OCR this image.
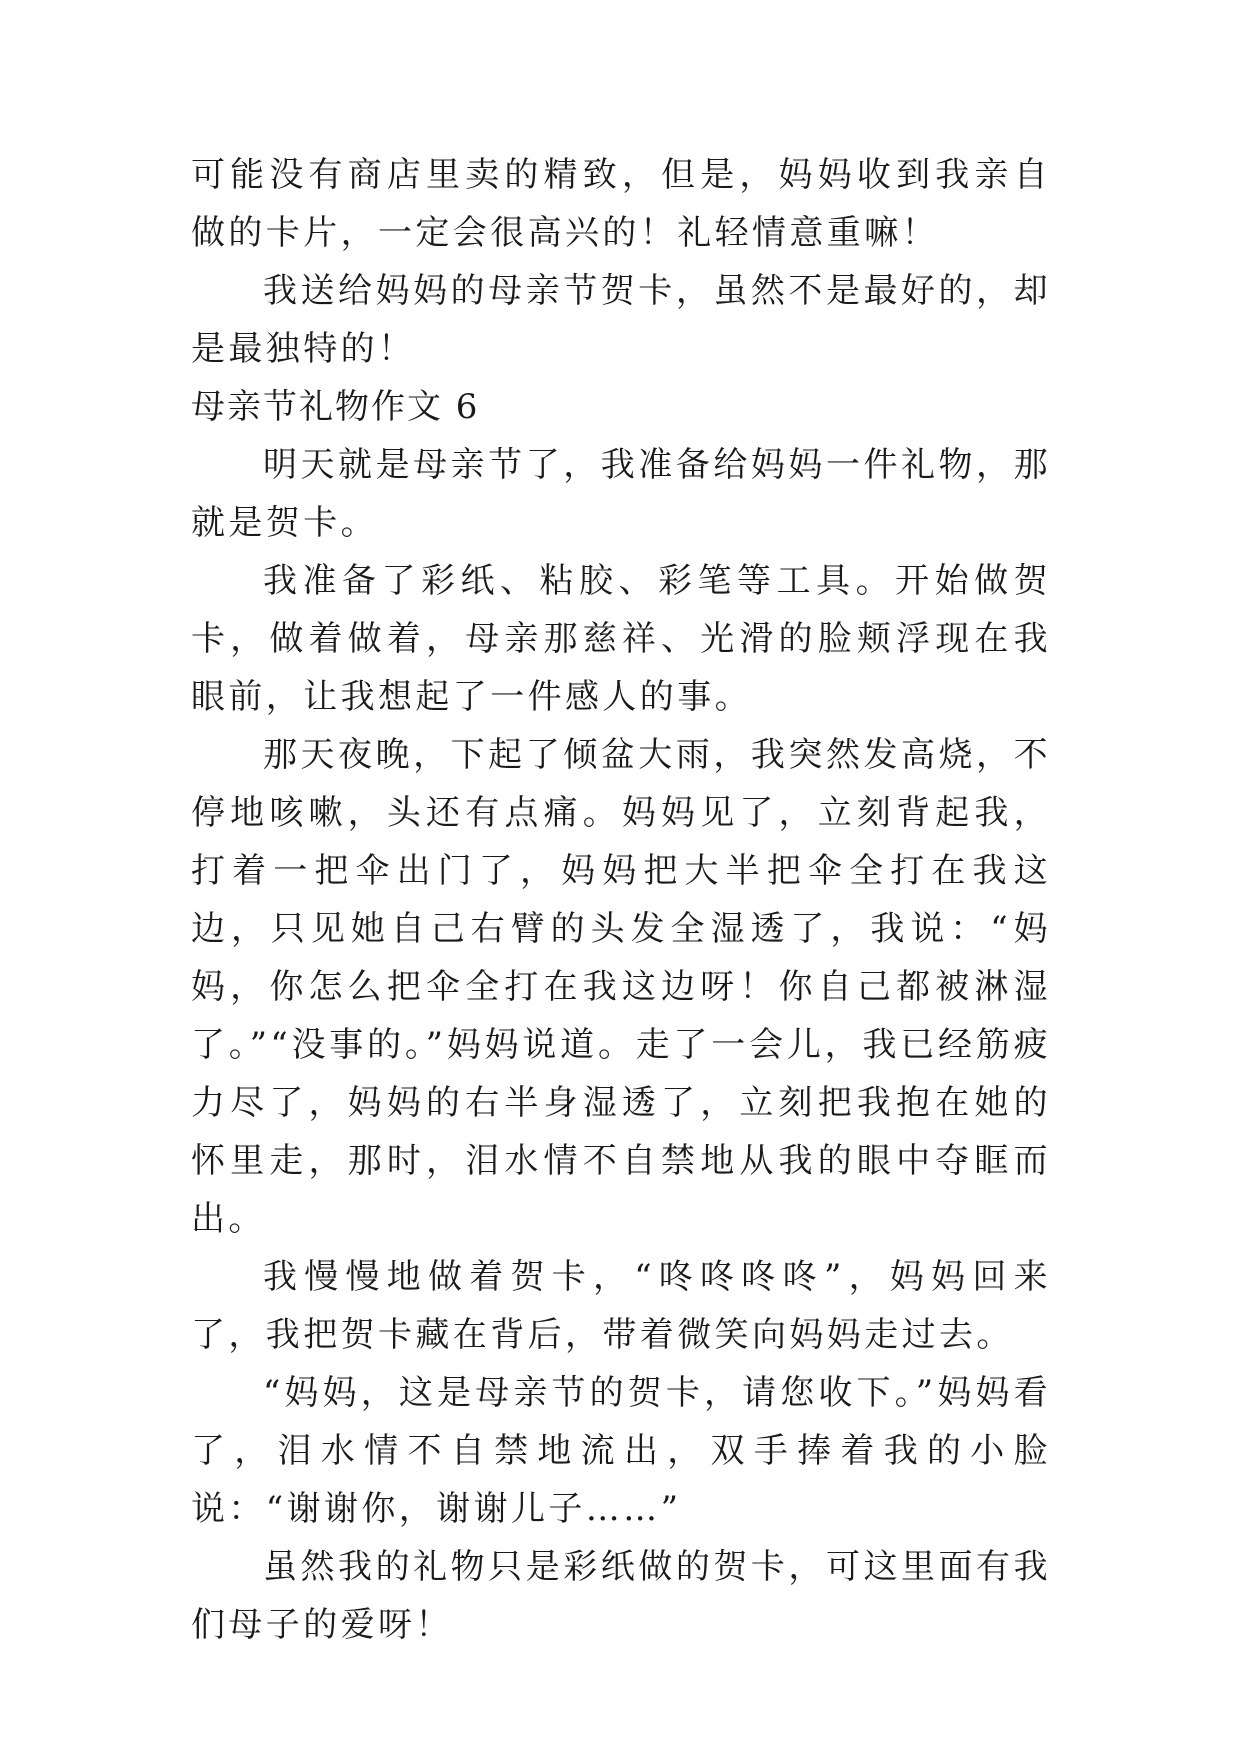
可能没有商店里卖的精致，但是，妈妈收到我亲自做的卡片，一定会很高兴的！礼轻情意重嘛！

我送给妈妈的母亲节贺卡，虽然不是最好的，却是最独特的！

母亲节礼物作文 6

明天就是母亲节了，我准备给妈妈一件礼物，那就是贺卡。

我准备了彩纸、粘胶、彩笔等工具。开始做贺卡，做着做着，母亲那慈祥、光滑的脸颊浮现在我眼前，让我想起了一件感人的事。

那天夜晚，下起了倾盆大雨，我突然发高烧，不停地咳嗽，头还有点痛。妈妈见了，立刻背起我，打着一把伞出门了，妈妈把大半把伞全打在我这边，只见她自己右臂的头发全湿透了，我说：“妈妈，你怎么把伞全打在我这边呀！你自己都被淋湿了。”“没事的。”妈妈说道。走了一会儿，我已经筋疲力尽了，妈妈的右半身湿透了，立刻把我抱在她的怀里走，那时，泪水情不自禁地从我的眼中夺眶而出。

我慢慢地做着贺卡，“咚咚咚咚”，妈妈回来了，我把贺卡藏在背后，带着微笑向妈妈走过去。

“妈妈，这是母亲节的贺卡，请您收下。”妈妈看了，泪水情不自禁地流出，双手捧着我的小脸说：“谢谢你，谢谢儿子……”

虽然我的礼物只是彩纸做的贺卡，可这里面有我们母子的爱呀！
